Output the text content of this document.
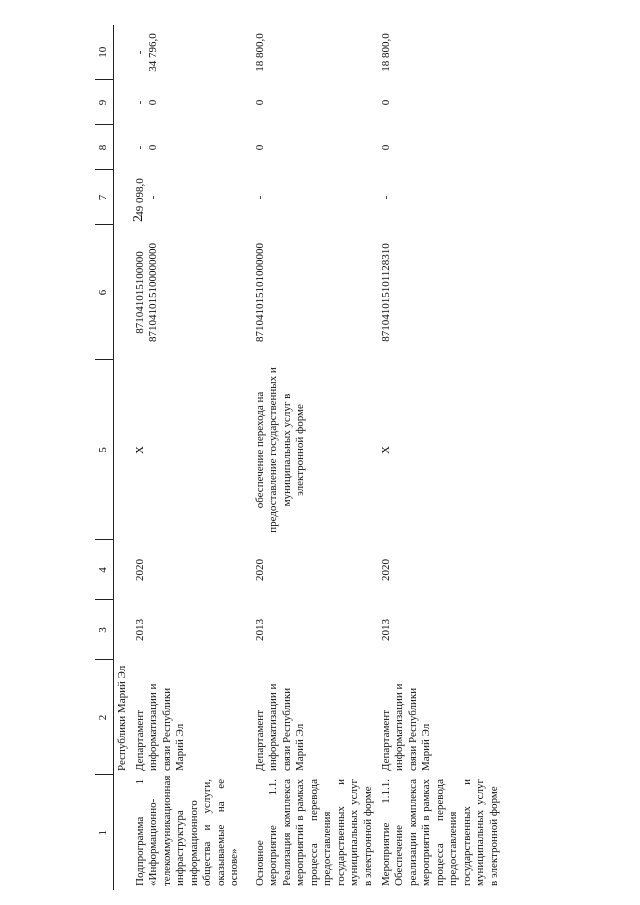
2
1	2	3	4	5	6	7	8	9	10
	Республики Марий Эл								
Подпрограмма 1 «Информационно-телекоммуникационная инфраструктура информационного общества и услуги, оказываемые на ее основе»	Департамент информатизации и связи Республики Марий Эл	2013	2020	Х	871041015100000 871041015100000000	49 098,0 -	- 0	- 0	- 34 796,0

Основное мероприятие 1.1. Реализация комплекса мероприятий в рамках процесса перевода предоставления государственных и муниципальных услуг в электронной форме	Департамент информатизации и связи Республики Марий Эл	2013	2020	обеспечение перехода на предоставление государственных и муниципальных услуг в электронной форме	871041015101000000	-	0	0	18 800,0

Мероприятие 1.1.1. Обеспечение реализации комплекса мероприятий в рамках процесса перевода предоставления государственных и муниципальных услуг в электронной форме	Департамент информатизации и связи Республики Марий Эл	2013	2020	Х	871041015101128310	-	0	0	18 800,0
